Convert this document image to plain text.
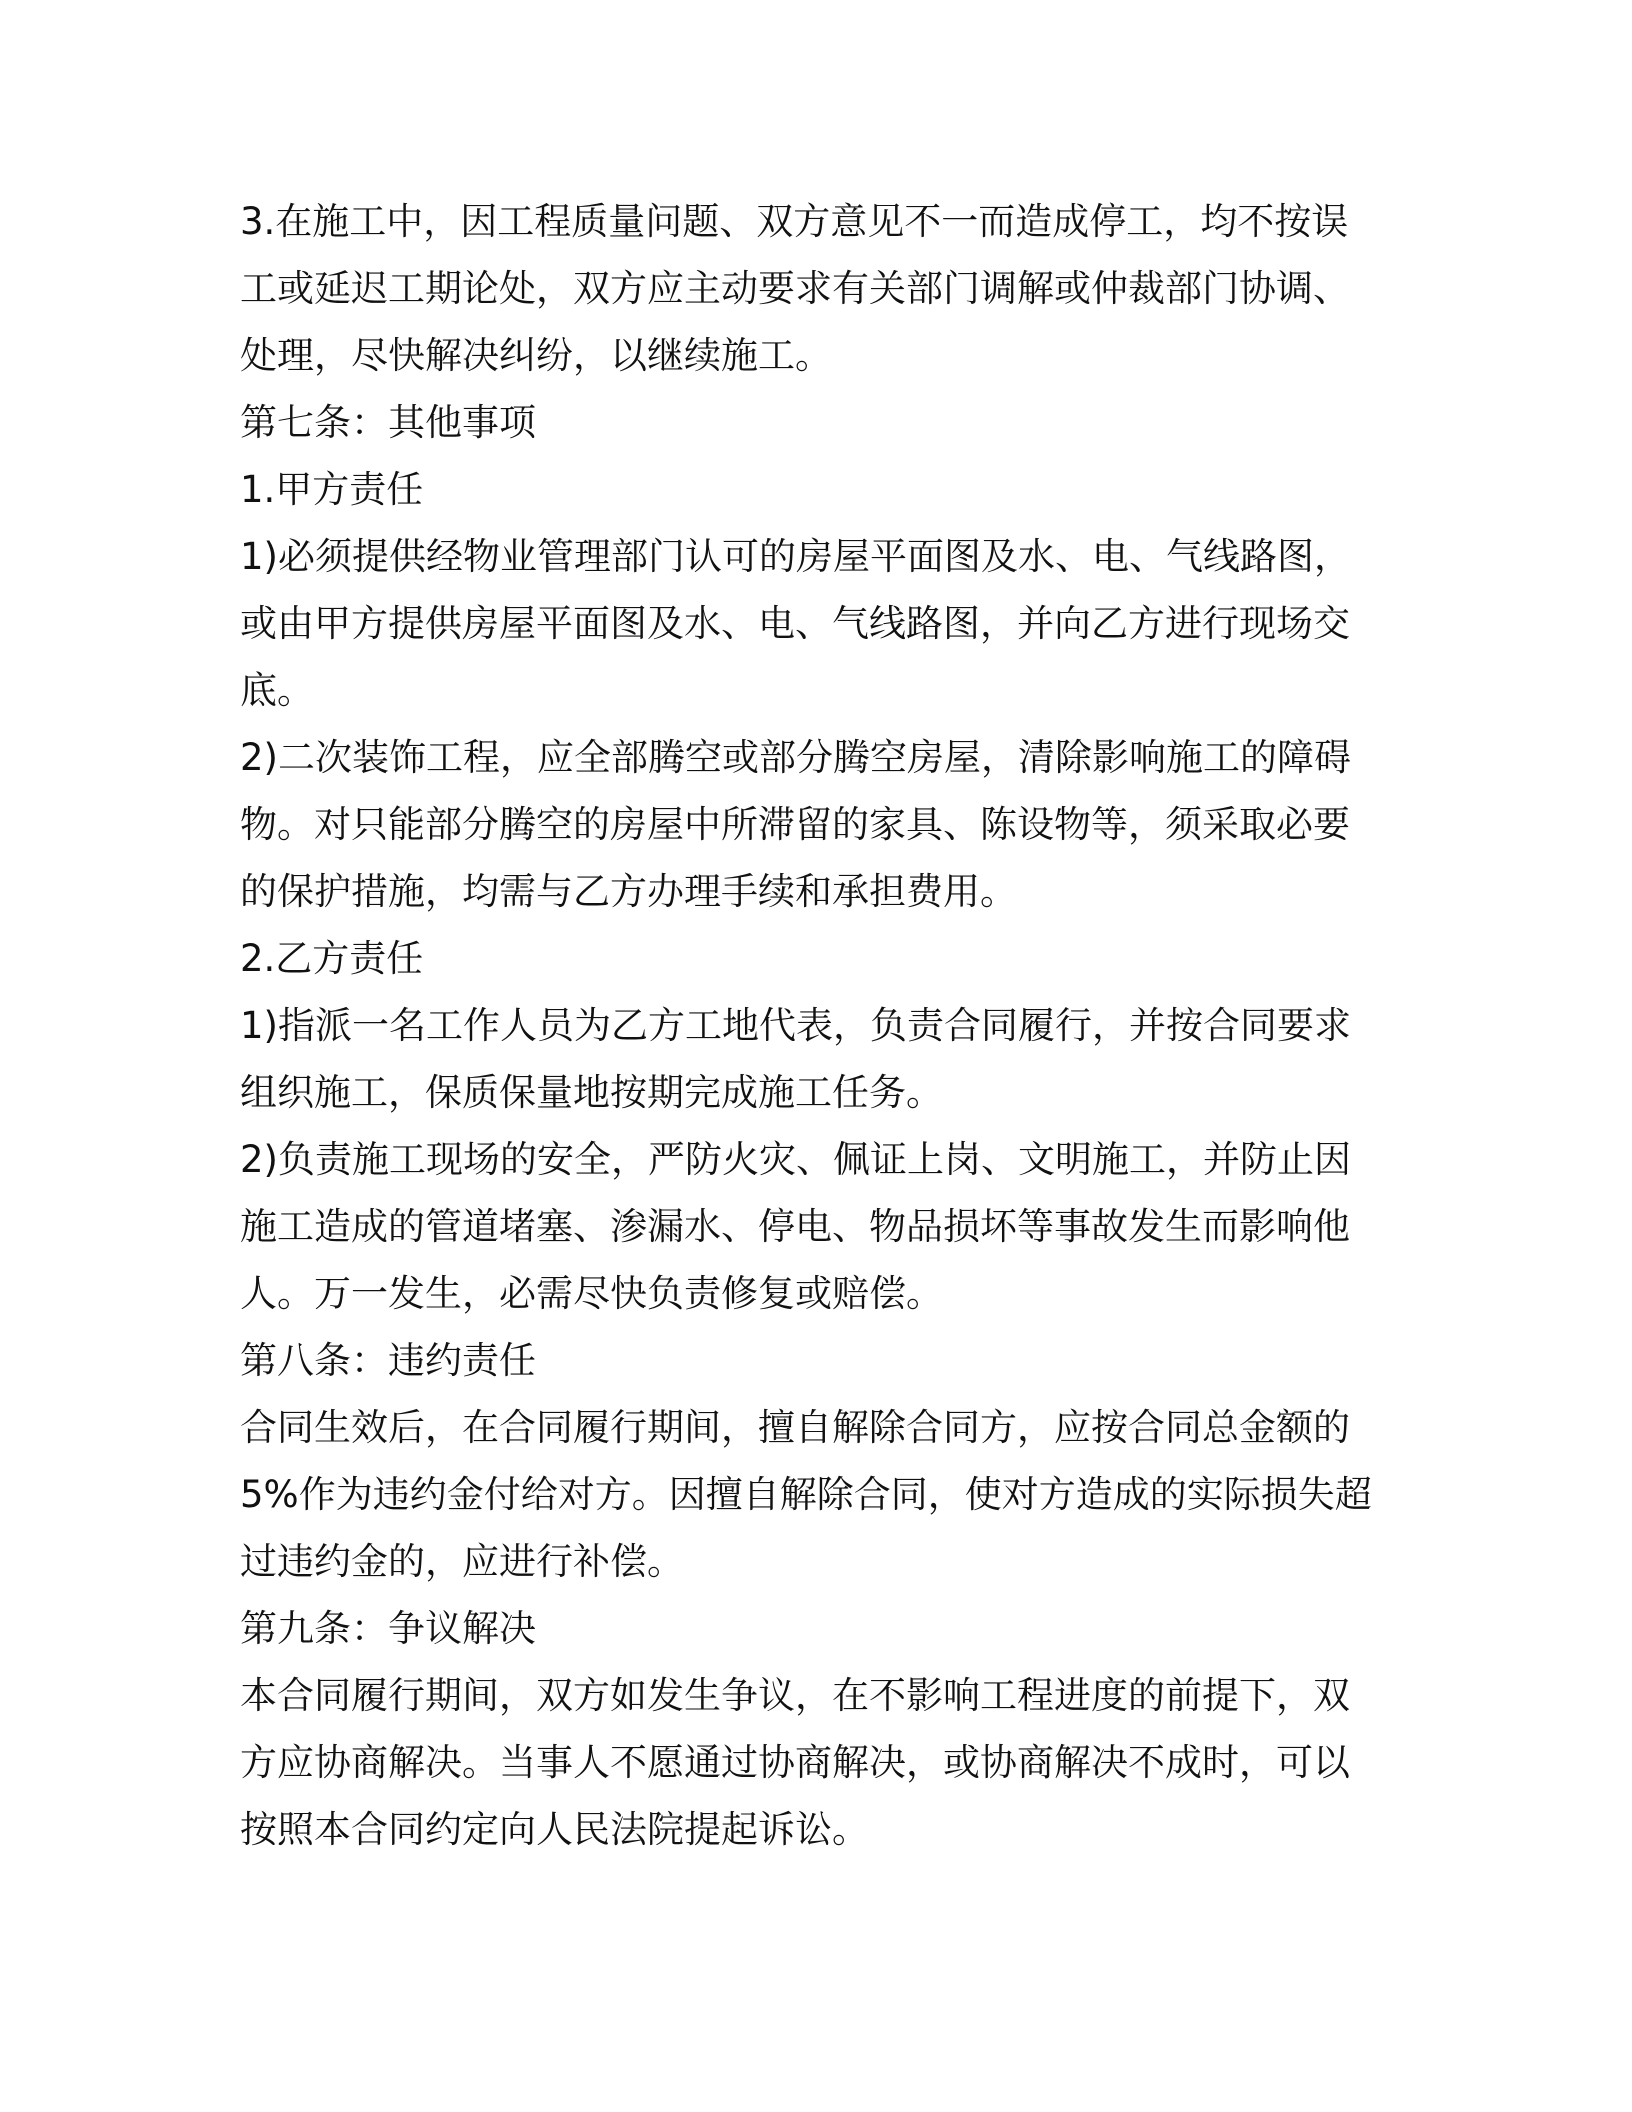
3.在施工中，因工程质量问题、双方意见不一而造成停工，均不按误
工或延迟工期论处，双方应主动要求有关部门调解或仲裁部门协调、
处理，尽快解决纠纷，以继续施工。
第七条：其他事项
1.甲方责任
1)必须提供经物业管理部门认可的房屋平面图及水、电、气线路图，
或由甲方提供房屋平面图及水、电、气线路图，并向乙方进行现场交
底。
2)二次装饰工程，应全部腾空或部分腾空房屋，清除影响施工的障碍
物。对只能部分腾空的房屋中所滞留的家具、陈设物等，须采取必要
的保护措施，均需与乙方办理手续和承担费用。
2.乙方责任
1)指派一名工作人员为乙方工地代表，负责合同履行，并按合同要求
组织施工，保质保量地按期完成施工任务。
2)负责施工现场的安全，严防火灾、佩证上岗、文明施工，并防止因
施工造成的管道堵塞、渗漏水、停电、物品损坏等事故发生而影响他
人。万一发生，必需尽快负责修复或赔偿。
第八条：违约责任
合同生效后，在合同履行期间，擅自解除合同方，应按合同总金额的
5%作为违约金付给对方。因擅自解除合同，使对方造成的实际损失超
过违约金的，应进行补偿。
第九条：争议解决
本合同履行期间，双方如发生争议，在不影响工程进度的前提下，双
方应协商解决。当事人不愿通过协商解决，或协商解决不成时，可以
按照本合同约定向人民法院提起诉讼。
